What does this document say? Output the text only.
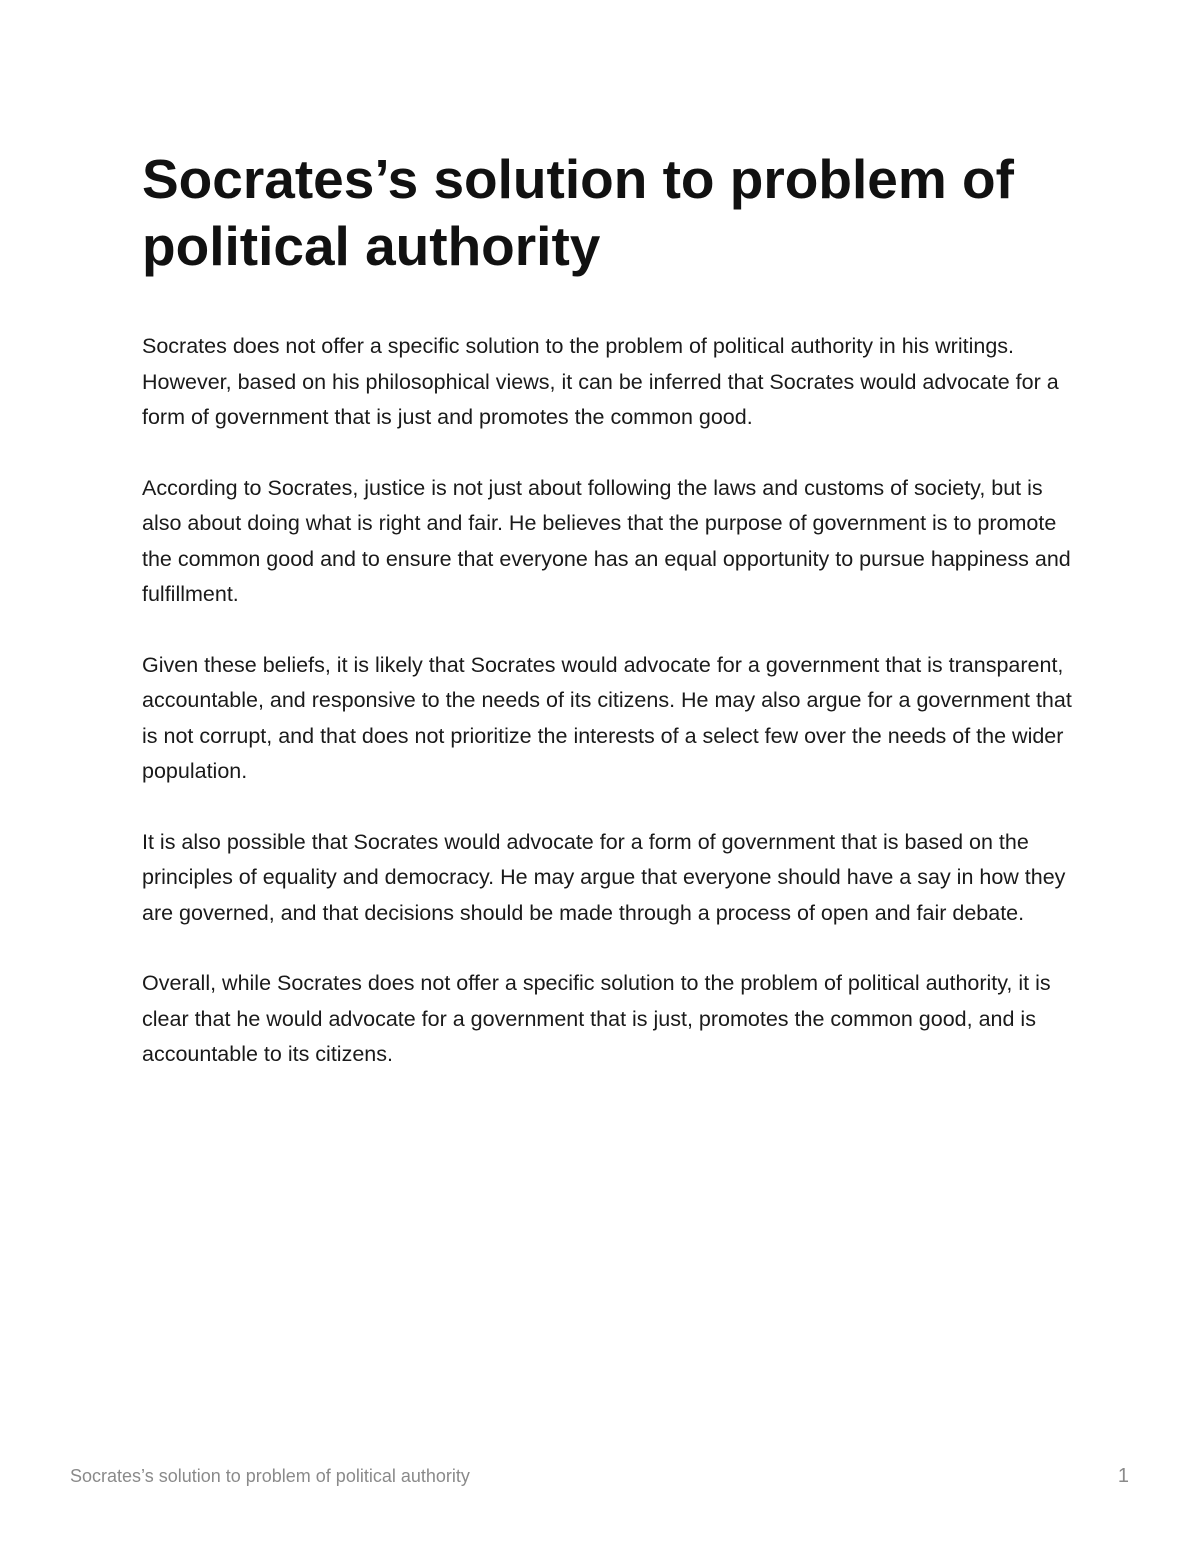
Socrates’s solution to problem of political authority

Socrates does not offer a specific solution to the problem of political authority in his writings. However, based on his philosophical views, it can be inferred that Socrates would advocate for a form of government that is just and promotes the common good.

According to Socrates, justice is not just about following the laws and customs of society, but is also about doing what is right and fair. He believes that the purpose of government is to promote the common good and to ensure that everyone has an equal opportunity to pursue happiness and fulfillment.

Given these beliefs, it is likely that Socrates would advocate for a government that is transparent, accountable, and responsive to the needs of its citizens. He may also argue for a government that is not corrupt, and that does not prioritize the interests of a select few over the needs of the wider population.

It is also possible that Socrates would advocate for a form of government that is based on the principles of equality and democracy. He may argue that everyone should have a say in how they are governed, and that decisions should be made through a process of open and fair debate.

Overall, while Socrates does not offer a specific solution to the problem of political authority, it is clear that he would advocate for a government that is just, promotes the common good, and is accountable to its citizens.

Socrates’s solution to problem of political authority	1
